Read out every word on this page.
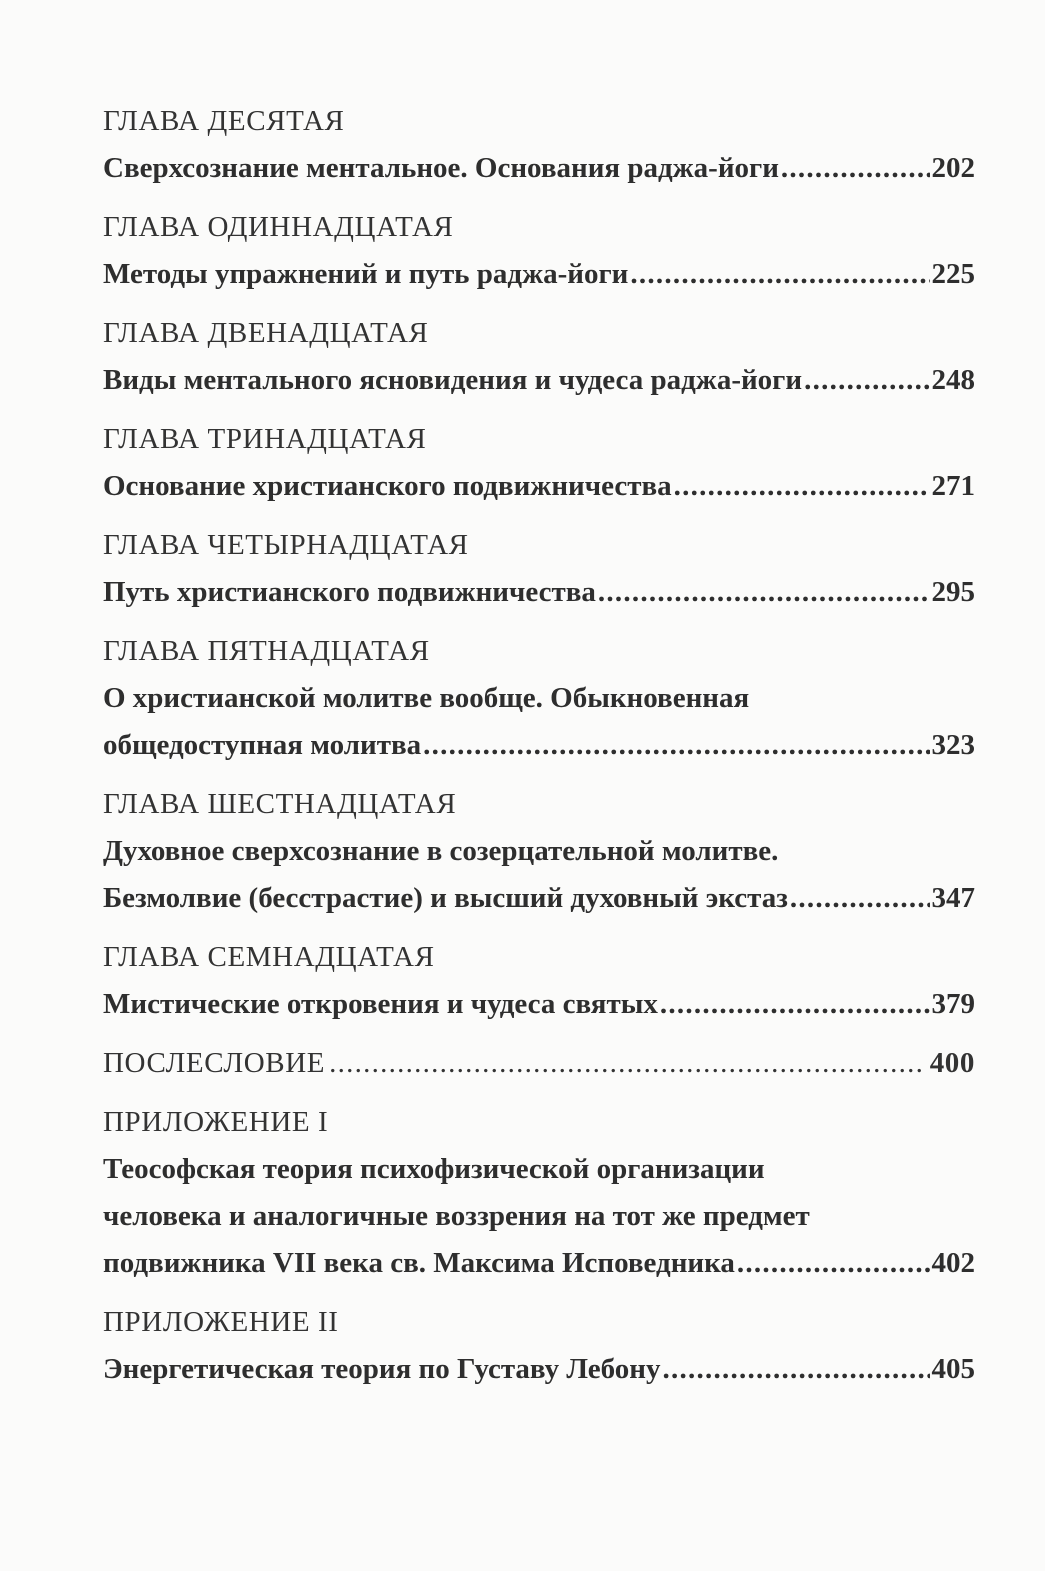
ГЛАВА ДЕСЯТАЯ
Сверхсознание ментальное. Основания раджа-йоги . . .	202
ГЛАВА ОДИННАДЦАТАЯ
Методы упражнений и путь раджа-йоги . . .	225
ГЛАВА ДВЕНАДЦАТАЯ
Виды ментального ясновидения и чудеса раджа-йоги . . .	248
ГЛАВА ТРИНАДЦАТАЯ
Основание христианского подвижничества . . .	271
ГЛАВА ЧЕТЫРНАДЦАТАЯ
Путь христианского подвижничества . . .	295
ГЛАВА ПЯТНАДЦАТАЯ
О христианской молитве вообще. Обыкновенная
общедоступная молитва . . .	323
ГЛАВА ШЕСТНАДЦАТАЯ
Духовное сверхсознание в созерцательной молитве.
Безмолвие (бесстрастие) и высший духовный экстаз . . .	347
ГЛАВА СЕМНАДЦАТАЯ
Мистические откровения и чудеса святых . . .	379
ПОСЛЕСЛОВИЕ . . .	400
ПРИЛОЖЕНИЕ I
Теософская теория психофизической организации
человека и аналогичные воззрения на тот же предмет
подвижника VII века св. Максима Исповедника . . .	402
ПРИЛОЖЕНИЕ II
Энергетическая теория по Густаву Лебону . . .	405
